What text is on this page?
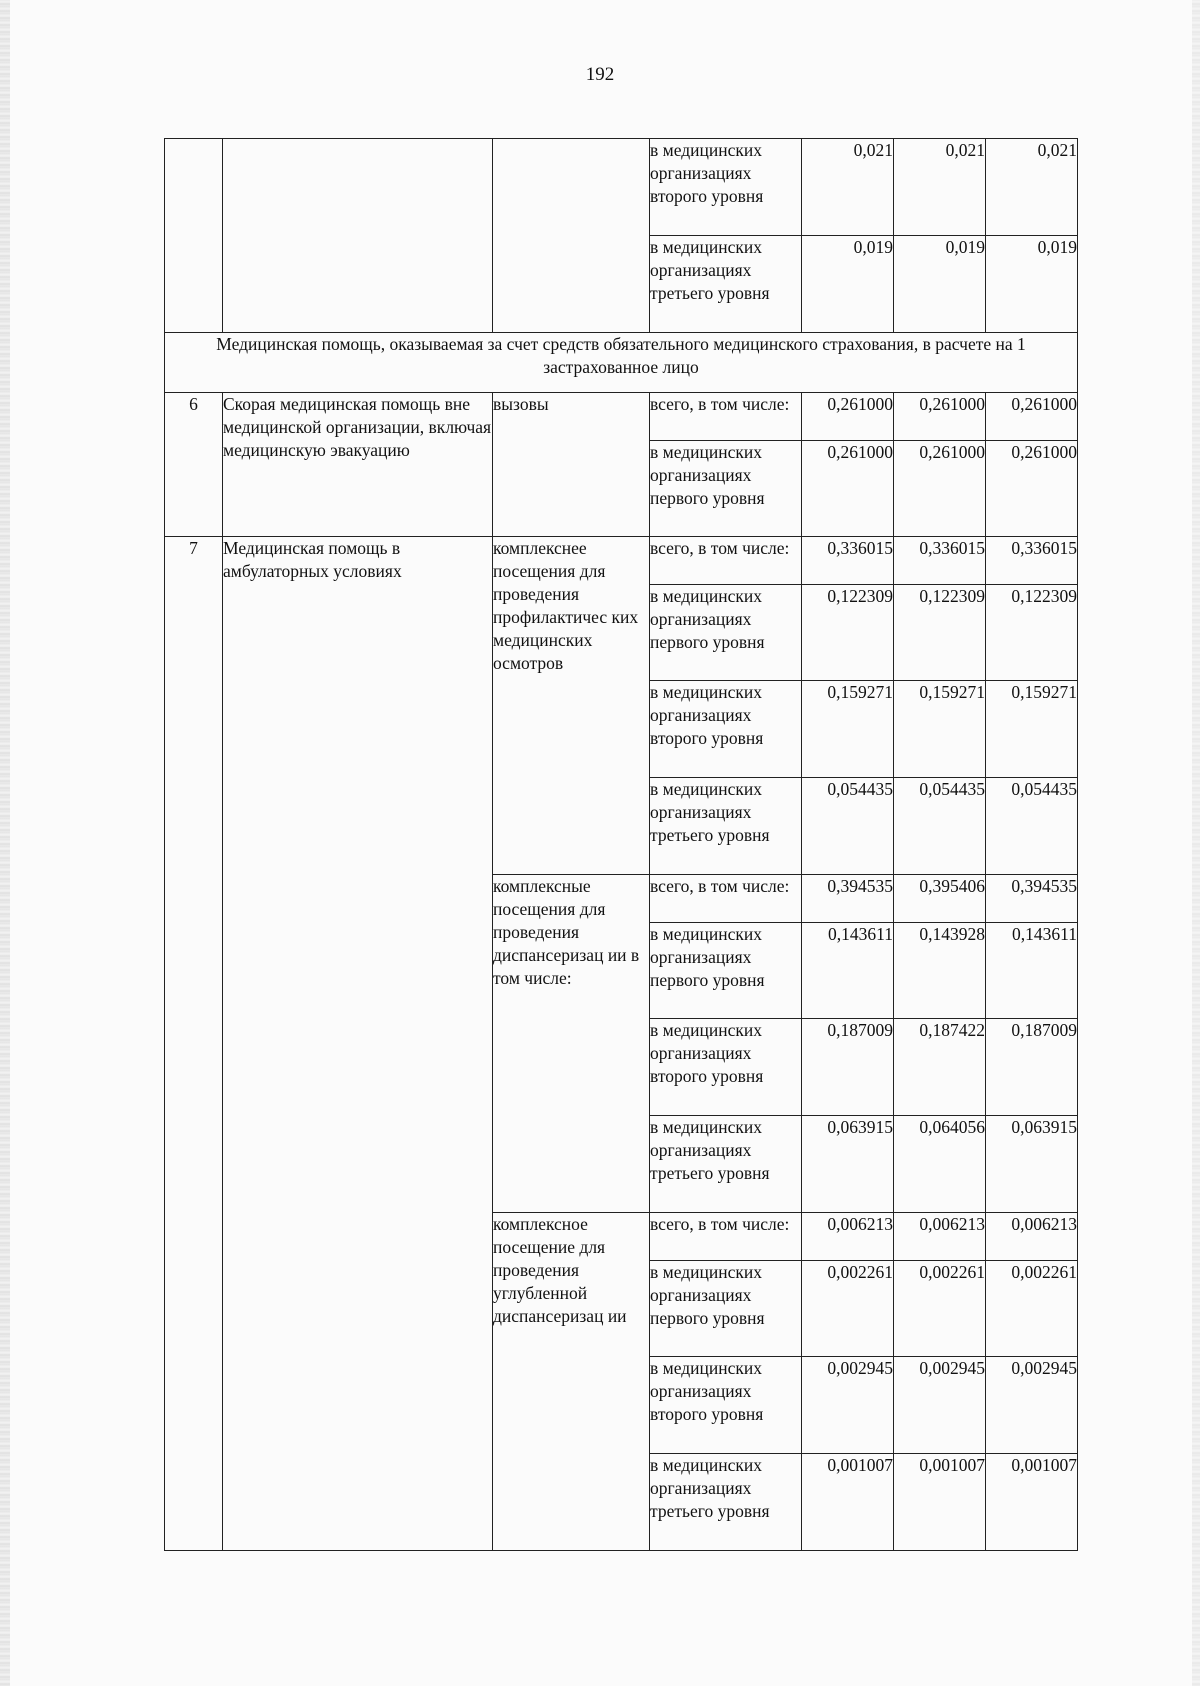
192
			в медицинских организациях второго уровня	0,021	0,021	0,021
			в медицинских организациях третьего уровня	0,019	0,019	0,019
Медицинская помощь, оказываемая за счет средств обязательного медицинского страхования, в расчете на 1 застрахованное лицо						
6	Скорая медицинская помощь вне медицинской организации, включая медицинскую эвакуацию	вызовы	всего, в том числе:	0,261000	0,261000	0,261000
			в медицинских организациях первого уровня	0,261000	0,261000	0,261000
7	Медицинская помощь в амбулаторных условиях	комплекснее посещения для проведения профилактичес ких медицинских осмотров	всего, в том числе:	0,336015	0,336015	0,336015
			в медицинских организациях первого уровня	0,122309	0,122309	0,122309
			в медицинских организациях второго уровня	0,159271	0,159271	0,159271
			в медицинских организациях третьего уровня	0,054435	0,054435	0,054435
		комплексные посещения для проведения диспансеризац ии в том числе:	всего, в том числе:	0,394535	0,395406	0,394535
			в медицинских организациях первого уровня	0,143611	0,143928	0,143611
			в медицинских организациях второго уровня	0,187009	0,187422	0,187009
			в медицинских организациях третьего уровня	0,063915	0,064056	0,063915
		комплексное посещение для проведения углубленной диспансеризац ии	всего, в том числе:	0,006213	0,006213	0,006213
			в медицинских организациях первого уровня	0,002261	0,002261	0,002261
			в медицинских организациях второго уровня	0,002945	0,002945	0,002945
			в медицинских организациях третьего уровня	0,001007	0,001007	0,001007
